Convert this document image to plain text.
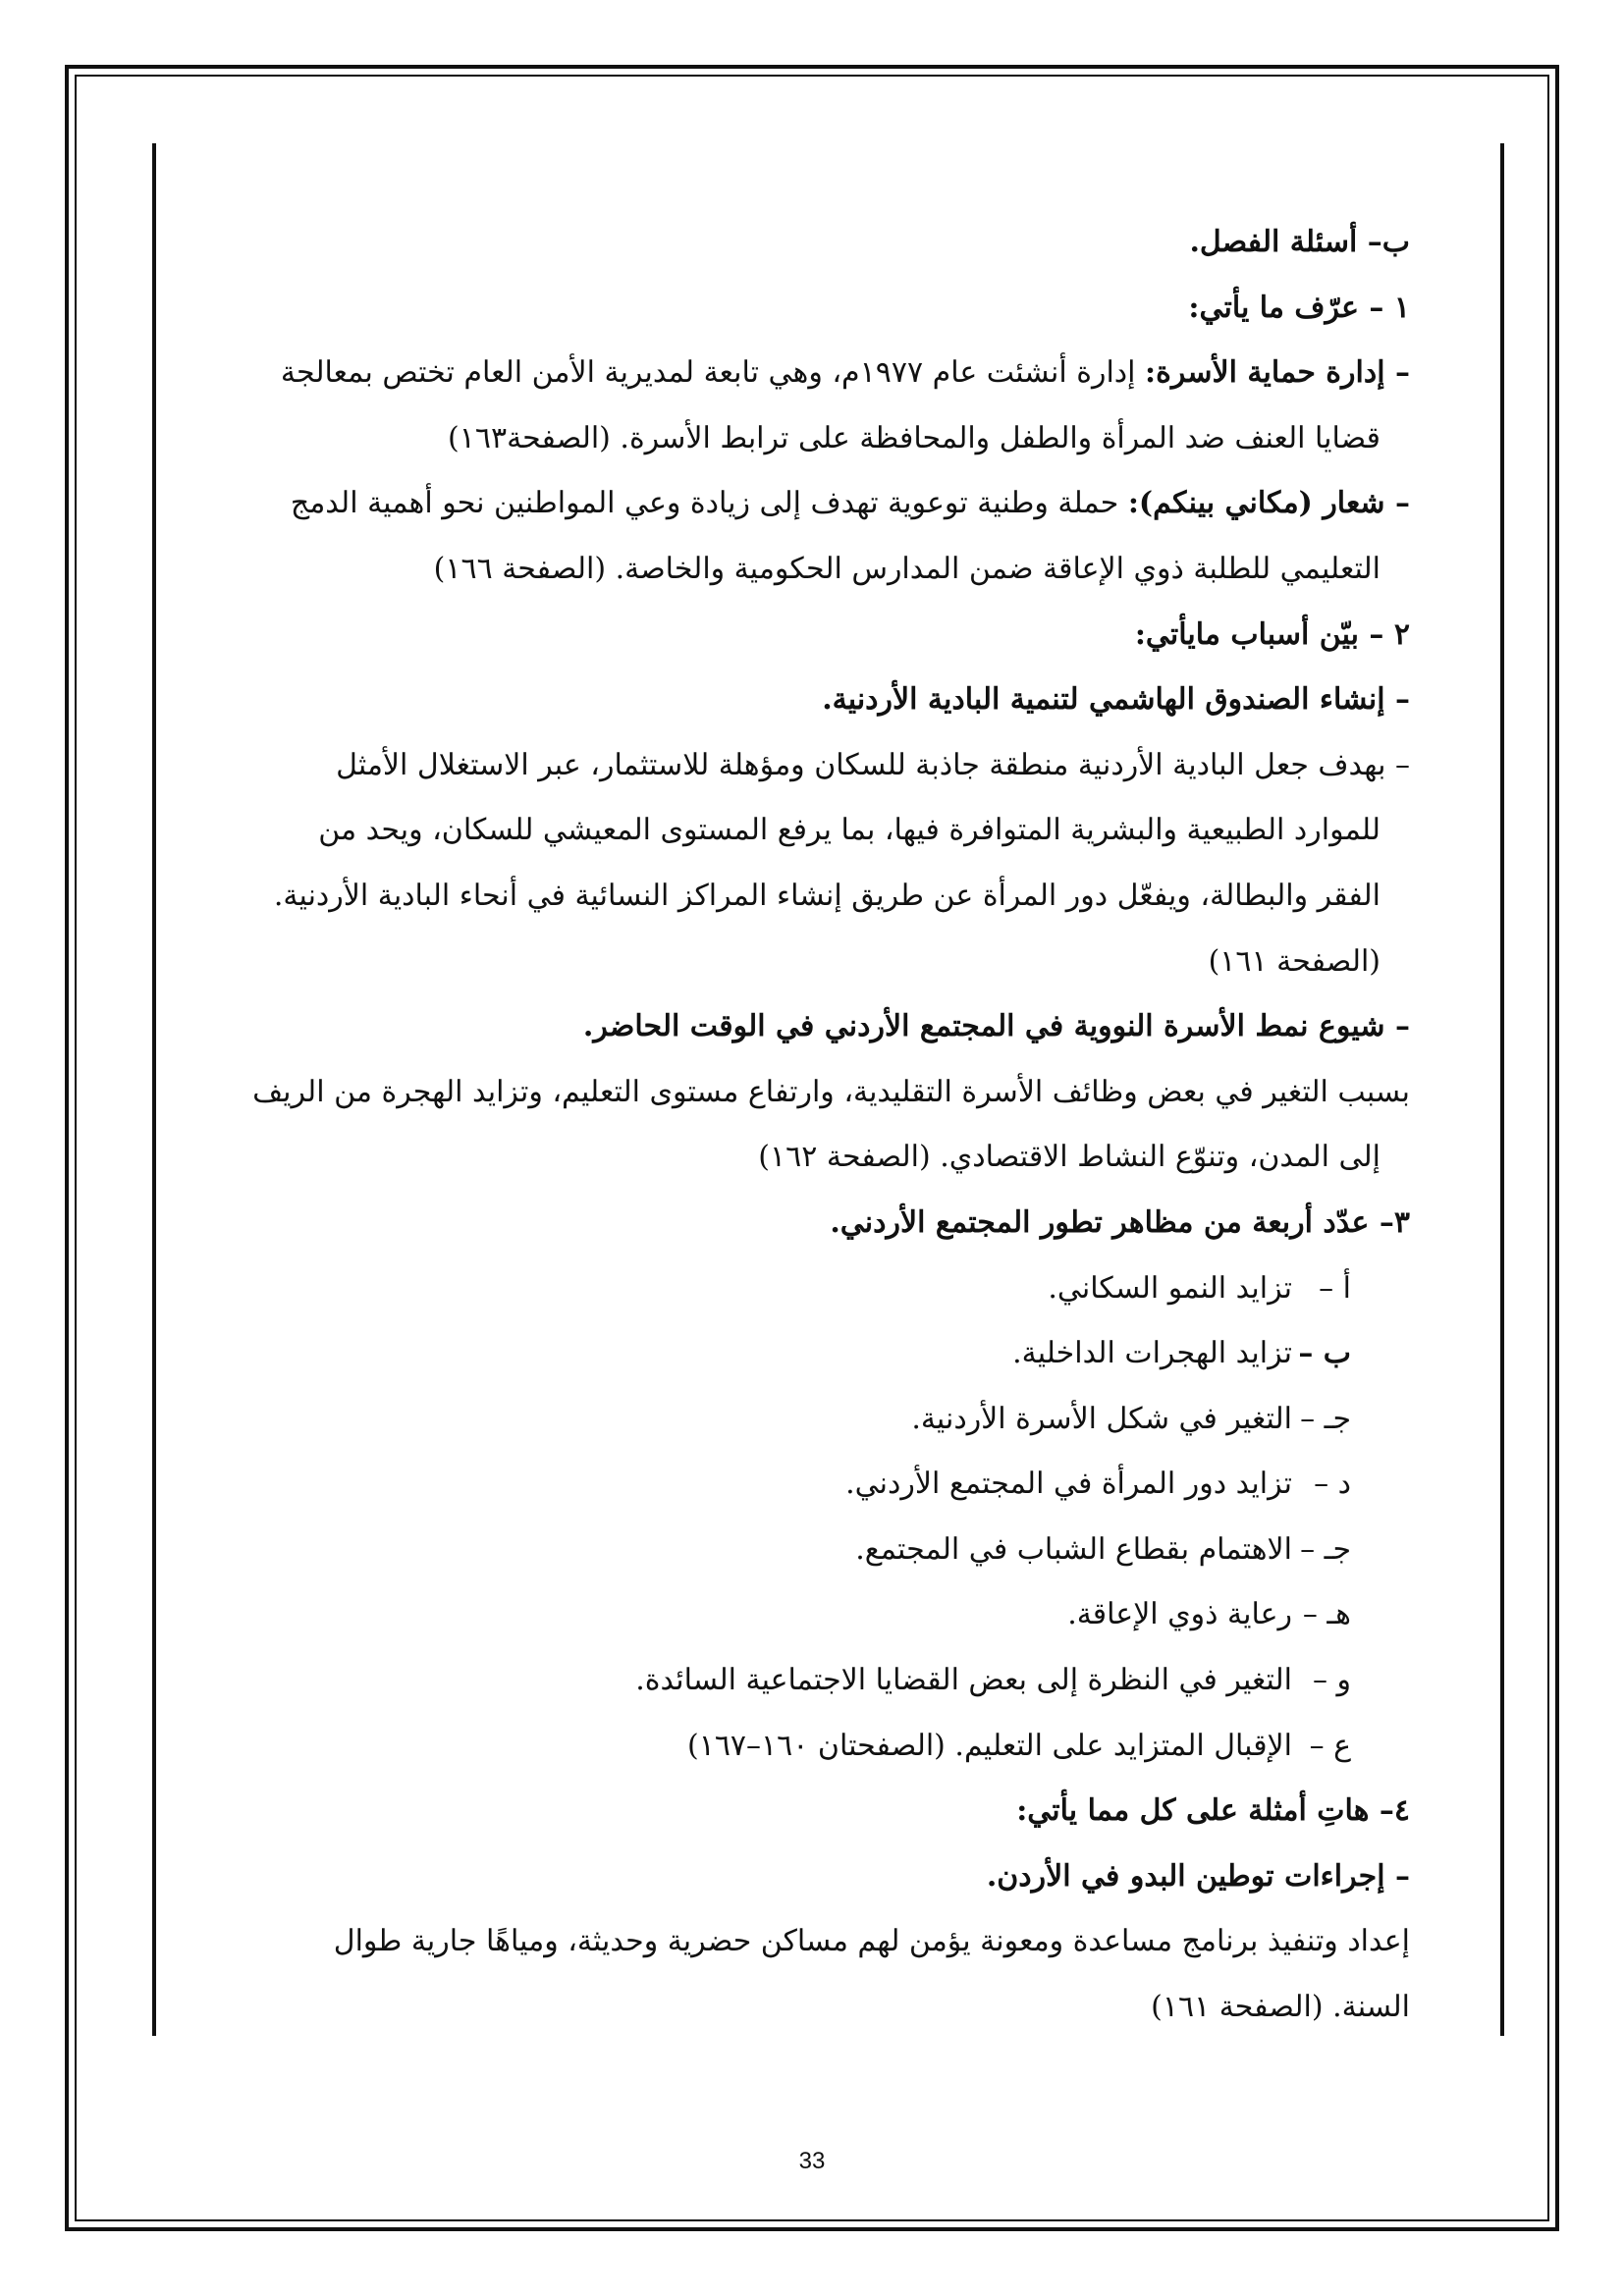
ب– أسئلة الفصل.

١ – عرّف ما يأتي:

– إدارة حماية الأسرة: إدارة أنشئت عام ١٩٧٧م، وهي تابعة لمديرية الأمن العام تختص بمعالجة

قضايا العنف ضد المرأة والطفل والمحافظة على ترابط الأسرة. (الصفحة١٦٣)

– شعار (مكاني بينكم): حملة وطنية توعوية تهدف إلى زيادة وعي المواطنين نحو أهمية الدمج

التعليمي للطلبة ذوي الإعاقة ضمن المدارس الحكومية والخاصة. (الصفحة ١٦٦)

٢ – بيّن أسباب مايأتي:

– إنشاء الصندوق الهاشمي لتنمية البادية الأردنية.

– بهدف جعل البادية الأردنية منطقة جاذبة للسكان ومؤهلة للاستثمار، عبر الاستغلال الأمثل

للموارد الطبيعية والبشرية المتوافرة فيها، بما يرفع المستوى المعيشي للسكان، ويحد من

الفقر والبطالة، ويفعّل دور المرأة عن طريق إنشاء المراكز النسائية في أنحاء البادية الأردنية.

(الصفحة ١٦١)

– شيوع نمط الأسرة النووية في المجتمع الأردني في الوقت الحاضر.

بسبب التغير في بعض وظائف الأسرة التقليدية، وارتفاع مستوى التعليم، وتزايد الهجرة من الريف

إلى المدن، وتنوّع النشاط الاقتصادي. (الصفحة ١٦٢)

٣– عدّد أربعة من مظاهر تطور المجتمع الأردني.

أ –تزايد النمو السكاني.

ب –تزايد الهجرات الداخلية.

جـ –التغير في شكل الأسرة الأردنية.

د –تزايد دور المرأة في المجتمع الأردني.

جـ –الاهتمام بقطاع الشباب في المجتمع.

هـ –رعاية ذوي الإعاقة.

و –التغير في النظرة إلى بعض القضايا الاجتماعية السائدة.

ع –الإقبال المتزايد على التعليم. (الصفحتان ١٦٠–١٦٧)

٤– هاتِ أمثلة على كل مما يأتي:

– إجراءات توطين البدو في الأردن.

إعداد وتنفيذ برنامج مساعدة ومعونة يؤمن لهم مساكن حضرية وحديثة، ومياهًا جارية طوال

السنة. (الصفحة ١٦١)

33
